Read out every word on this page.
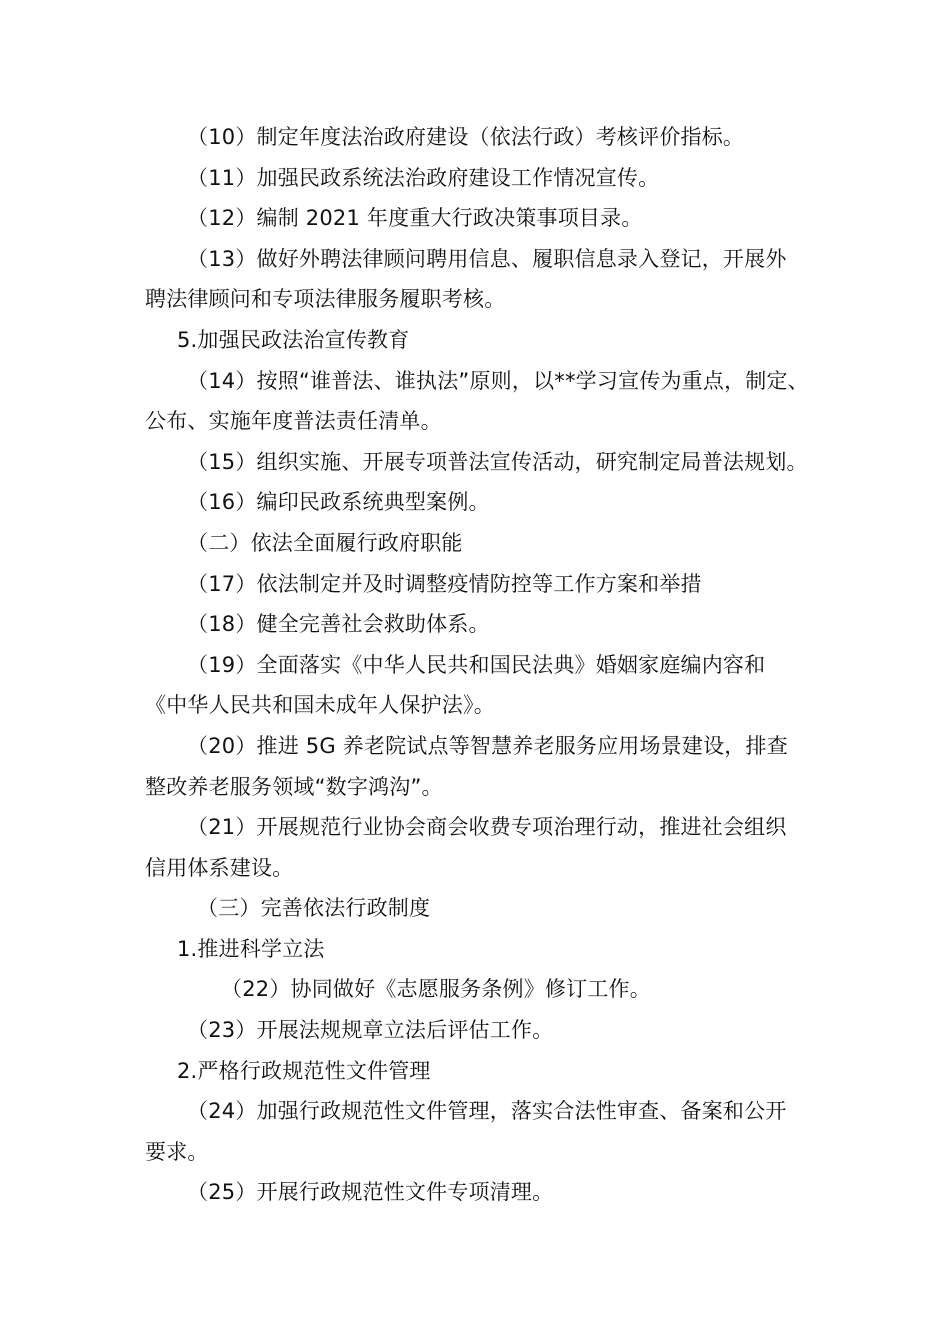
（10）制定年度法治政府建设（依法行政）考核评价指标。
（11）加强民政系统法治政府建设工作情况宣传。
（12）编制 2021 年度重大行政决策事项目录。
（13）做好外聘法律顾问聘用信息、履职信息录入登记，开展外
聘法律顾问和专项法律服务履职考核。
5.加强民政法治宣传教育
（14）按照“谁普法、谁执法”原则，以**学习宣传为重点，制定、
公布、实施年度普法责任清单。
（15）组织实施、开展专项普法宣传活动，研究制定局普法规划。
（16）编印民政系统典型案例。
（二）依法全面履行政府职能
（17）依法制定并及时调整疫情防控等工作方案和举措
（18）健全完善社会救助体系。
（19）全面落实《中华人民共和国民法典》婚姻家庭编内容和
《中华人民共和国未成年人保护法》。
（20）推进 5G 养老院试点等智慧养老服务应用场景建设，排查
整改养老服务领域“数字鸿沟”。
（21）开展规范行业协会商会收费专项治理行动，推进社会组织
信用体系建设。
（三）完善依法行政制度
1.推进科学立法
（22）协同做好《志愿服务条例》修订工作。
（23）开展法规规章立法后评估工作。
2.严格行政规范性文件管理
（24）加强行政规范性文件管理，落实合法性审查、备案和公开
要求。
（25）开展行政规范性文件专项清理。
